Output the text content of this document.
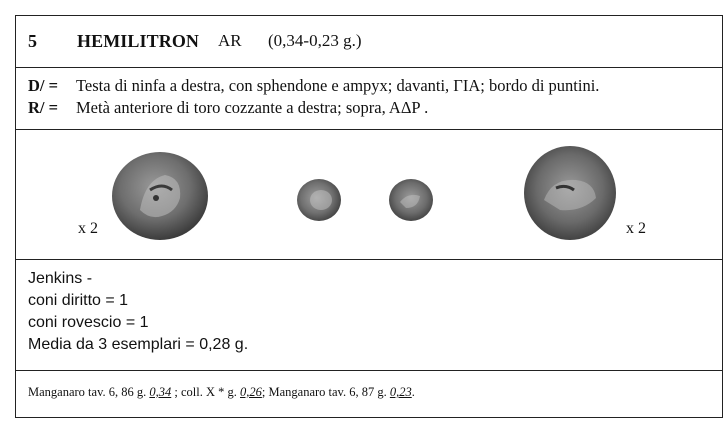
5 HEMILITRON AR (0,34-0,23 g.)
D/ = Testa di ninfa a destra, con sphendone e ampyx; davanti, ΓΙΑ; bordo di puntini.
R/ = Metà anteriore di toro cozzante a destra; sopra, AΔP .
x 2	x 2
Jenkins -
coni diritto = 1
coni rovescio = 1
Media da 3 esemplari = 0,28 g.
Manganaro tav. 6, 86 g. 0,34 ; coll. X * g. 0,26; Manganaro tav. 6, 87 g. 0,23.
